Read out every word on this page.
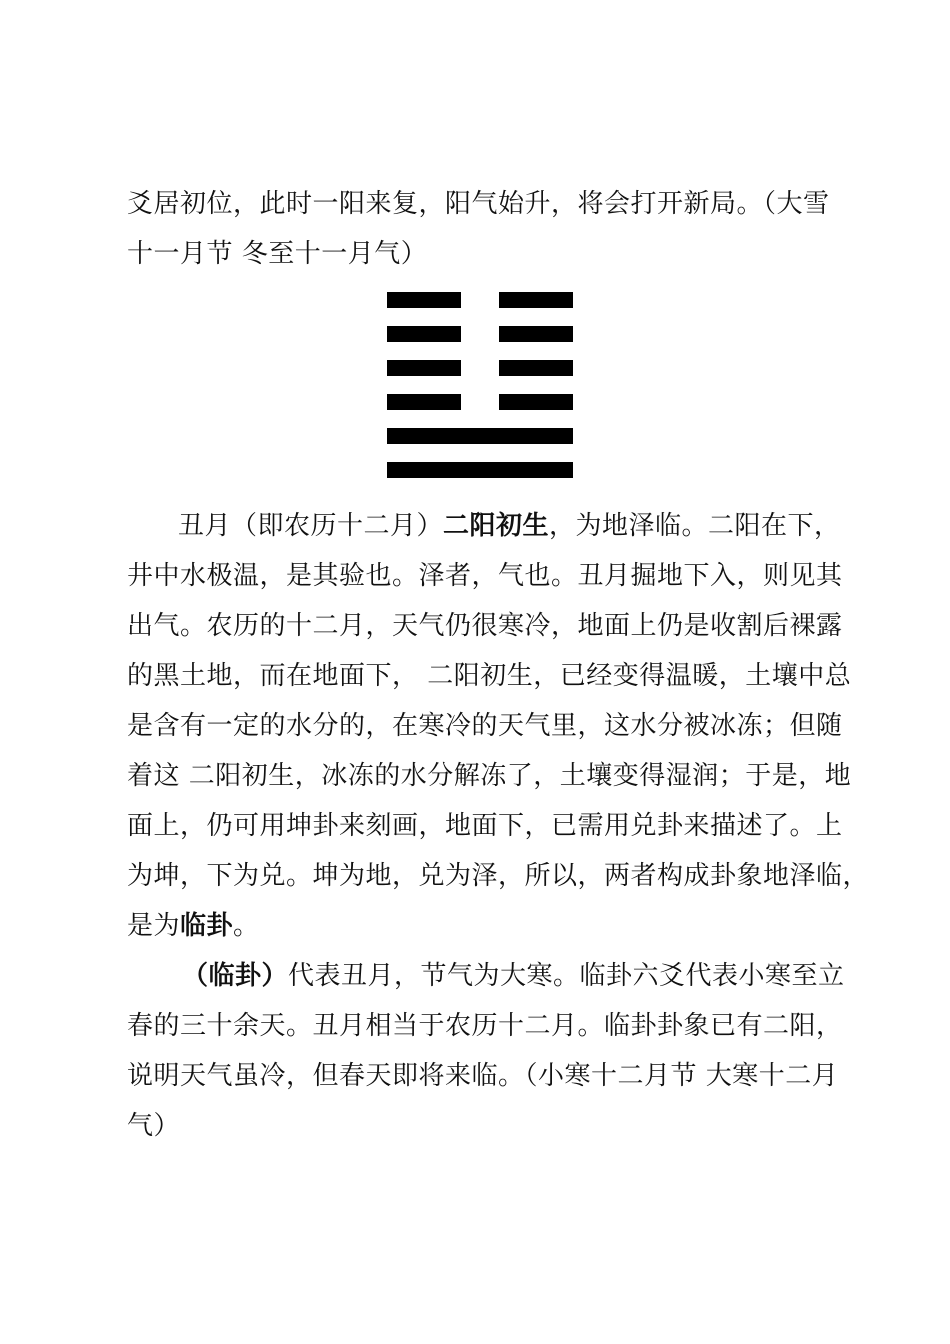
爻居初位，此时一阳来复，阳气始升，将会打开新局。（大雪
十一月节 冬至十一月气）
丑月（即农历十二月）二阳初生，为地泽临。二阳在下，
井中水极温，是其验也。泽者，气也。丑月掘地下入，则见其
出气。农历的十二月，天气仍很寒冷，地面上仍是收割后裸露
的黑土地，而在地面下， 二阳初生，已经变得温暖，土壤中总
是含有一定的水分的，在寒冷的天气里，这水分被冰冻；但随
着这 二阳初生，冰冻的水分解冻了，土壤变得湿润；于是，地
面上，仍可用坤卦来刻画，地面下，已需用兑卦来描述了。上
为坤，下为兑。坤为地，兑为泽，所以，两者构成卦象地泽临，
是为临卦。
（临卦）代表丑月，节气为大寒。临卦六爻代表小寒至立
春的三十余天。丑月相当于农历十二月。临卦卦象已有二阳，
说明天气虽冷，但春天即将来临。（小寒十二月节 大寒十二月
气）
